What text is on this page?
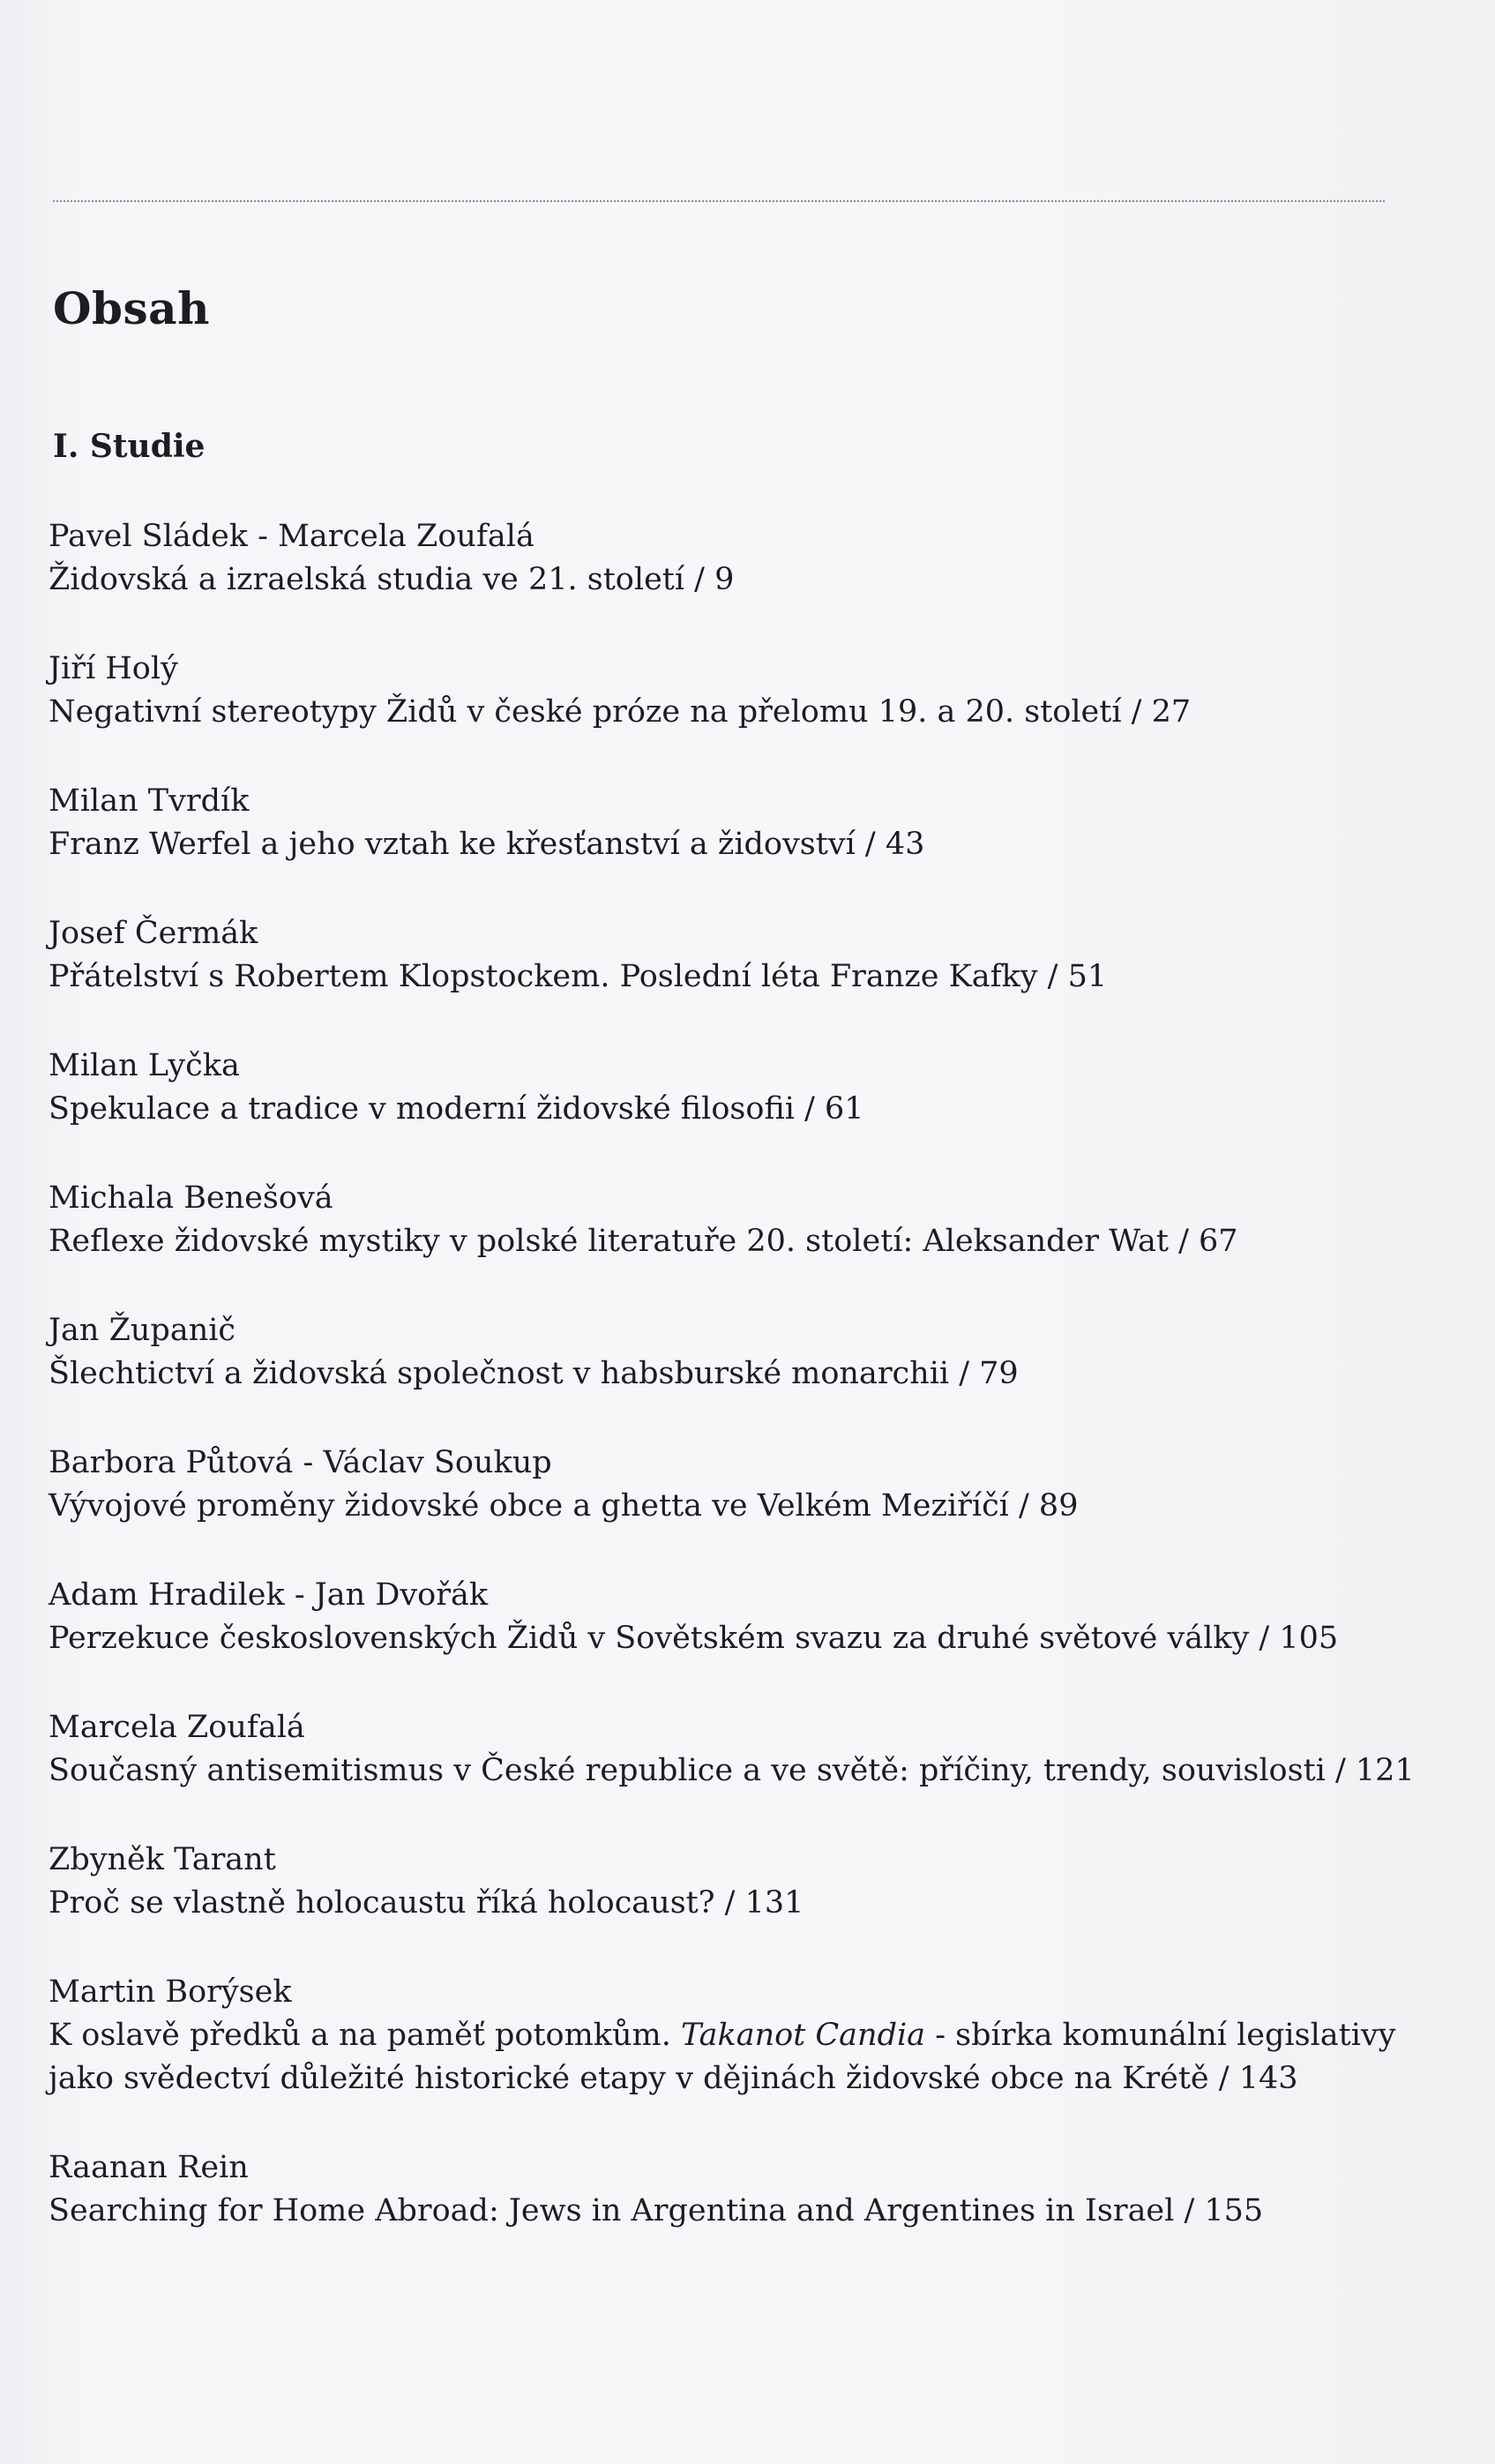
Obsah
I. Studie
Pavel Sládek - Marcela Zoufalá
Židovská a izraelská studia ve 21. století / 9
Jiří Holý
Negativní stereotypy Židů v české próze na přelomu 19. a 20. století / 27
Milan Tvrdík
Franz Werfel a jeho vztah ke křesťanství a židovství / 43
Josef Čermák
Přátelství s Robertem Klopstockem. Poslední léta Franze Kafky / 51
Milan Lyčka
Spekulace a tradice v moderní židovské filosofii / 61
Michala Benešová
Reflexe židovské mystiky v polské literatuře 20. století: Aleksander Wat / 67
Jan Županič
Šlechtictví a židovská společnost v habsburské monarchii / 79
Barbora Půtová - Václav Soukup
Vývojové proměny židovské obce a ghetta ve Velkém Meziříčí / 89
Adam Hradilek - Jan Dvořák
Perzekuce československých Židů v Sovětském svazu za druhé světové války / 105
Marcela Zoufalá
Současný antisemitismus v České republice a ve světě: příčiny, trendy, souvislosti / 121
Zbyněk Tarant
Proč se vlastně holocaustu říká holocaust? / 131
Martin Borýsek
K oslavě předků a na paměť potomkům. Takanot Candia - sbírka komunální legislativy
jako svědectví důležité historické etapy v dějinách židovské obce na Krétě / 143
Raanan Rein
Searching for Home Abroad: Jews in Argentina and Argentines in Israel / 155
